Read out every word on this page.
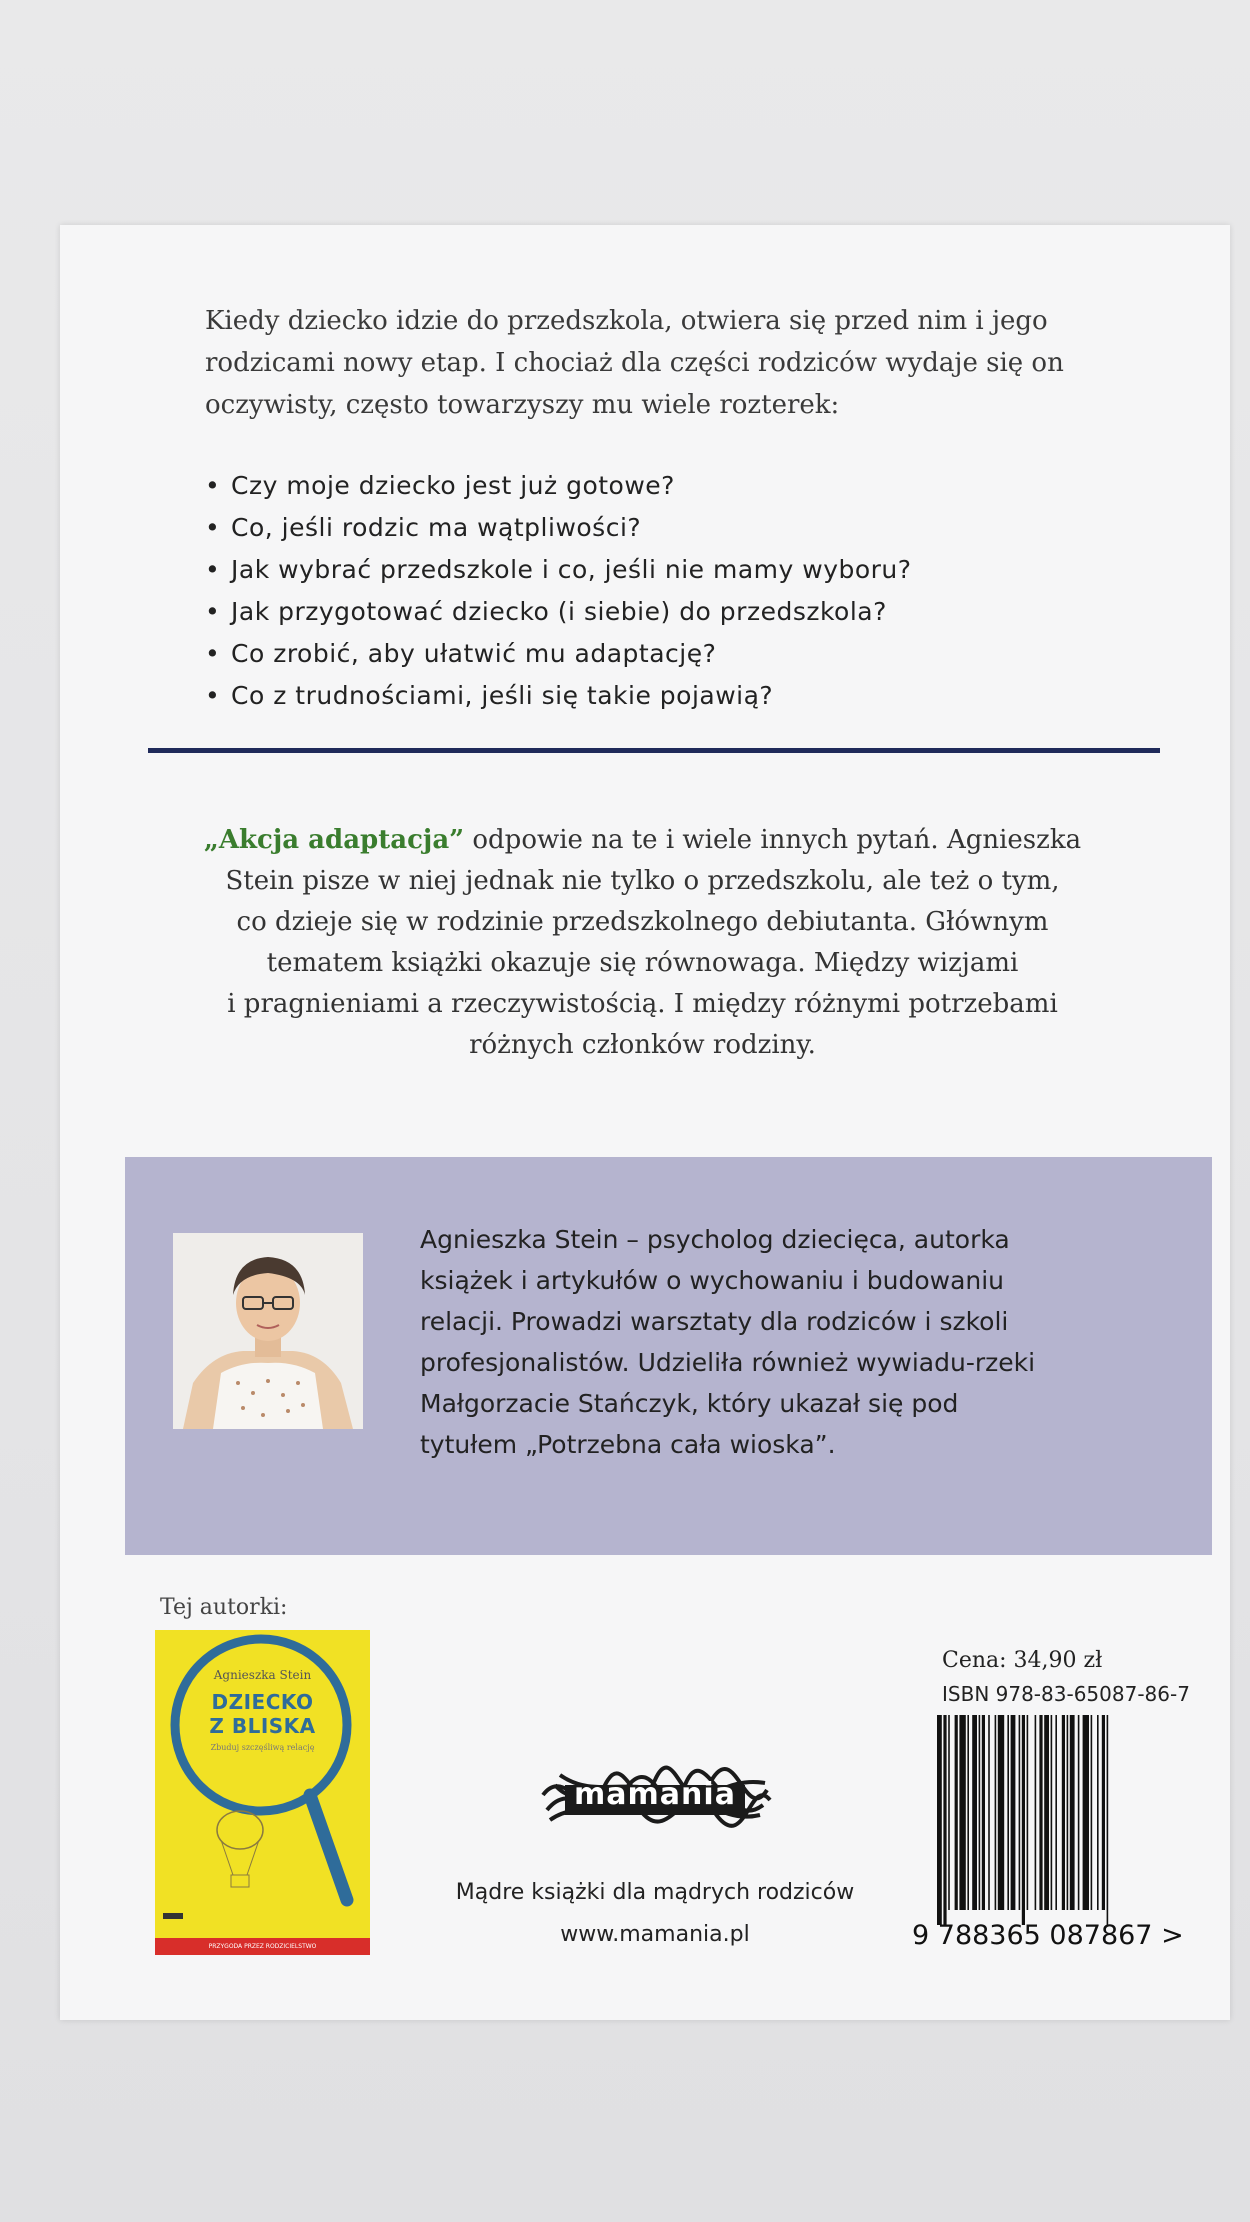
Kiedy dziecko idzie do przedszkola, otwiera się przed nim i jego

rodzicami nowy etap. I chociaż dla części rodziców wydaje się on

oczywisty, często towarzyszy mu wiele rozterek:

• Czy moje dziecko jest już gotowe?
• Co, jeśli rodzic ma wątpliwości?
• Jak wybrać przedszkole i co, jeśli nie mamy wyboru?
• Jak przygotować dziecko (i siebie) do przedszkola?
• Co zrobić, aby ułatwić mu adaptację?
• Co z trudnościami, jeśli się takie pojawią?

„Akcja adaptacja” odpowie na te i wiele innych pytań. Agnieszka

Stein pisze w niej jednak nie tylko o przedszkolu, ale też o tym,

co dzieje się w rodzinie przedszkolnego debiutanta. Głównym

tematem książki okazuje się równowaga. Między wizjami

i pragnieniami a rzeczywistością. I między różnymi potrzebami

różnych członków rodziny.

Agnieszka Stein – psycholog dziecięca, autorka

książek i artykułów o wychowaniu i budowaniu

relacji. Prowadzi warsztaty dla rodziców i szkoli

profesjonalistów. Udzieliła również wywiadu-rzeki

Małgorzacie Stańczyk, który ukazał się pod

tytułem „Potrzebna cała wioska”.

Tej autorki:
Agnieszka Stein
DZIECKO
Z BLISKA
Zbuduj szczęśliwą relację
PRZYGODA PRZEZ RODZICIELSTWO
mamania
Mądre książki dla mądrych rodziców
www.mamania.pl
Cena: 34,90 zł
ISBN 978-83-65087-86-7
9 788365 087867 >
